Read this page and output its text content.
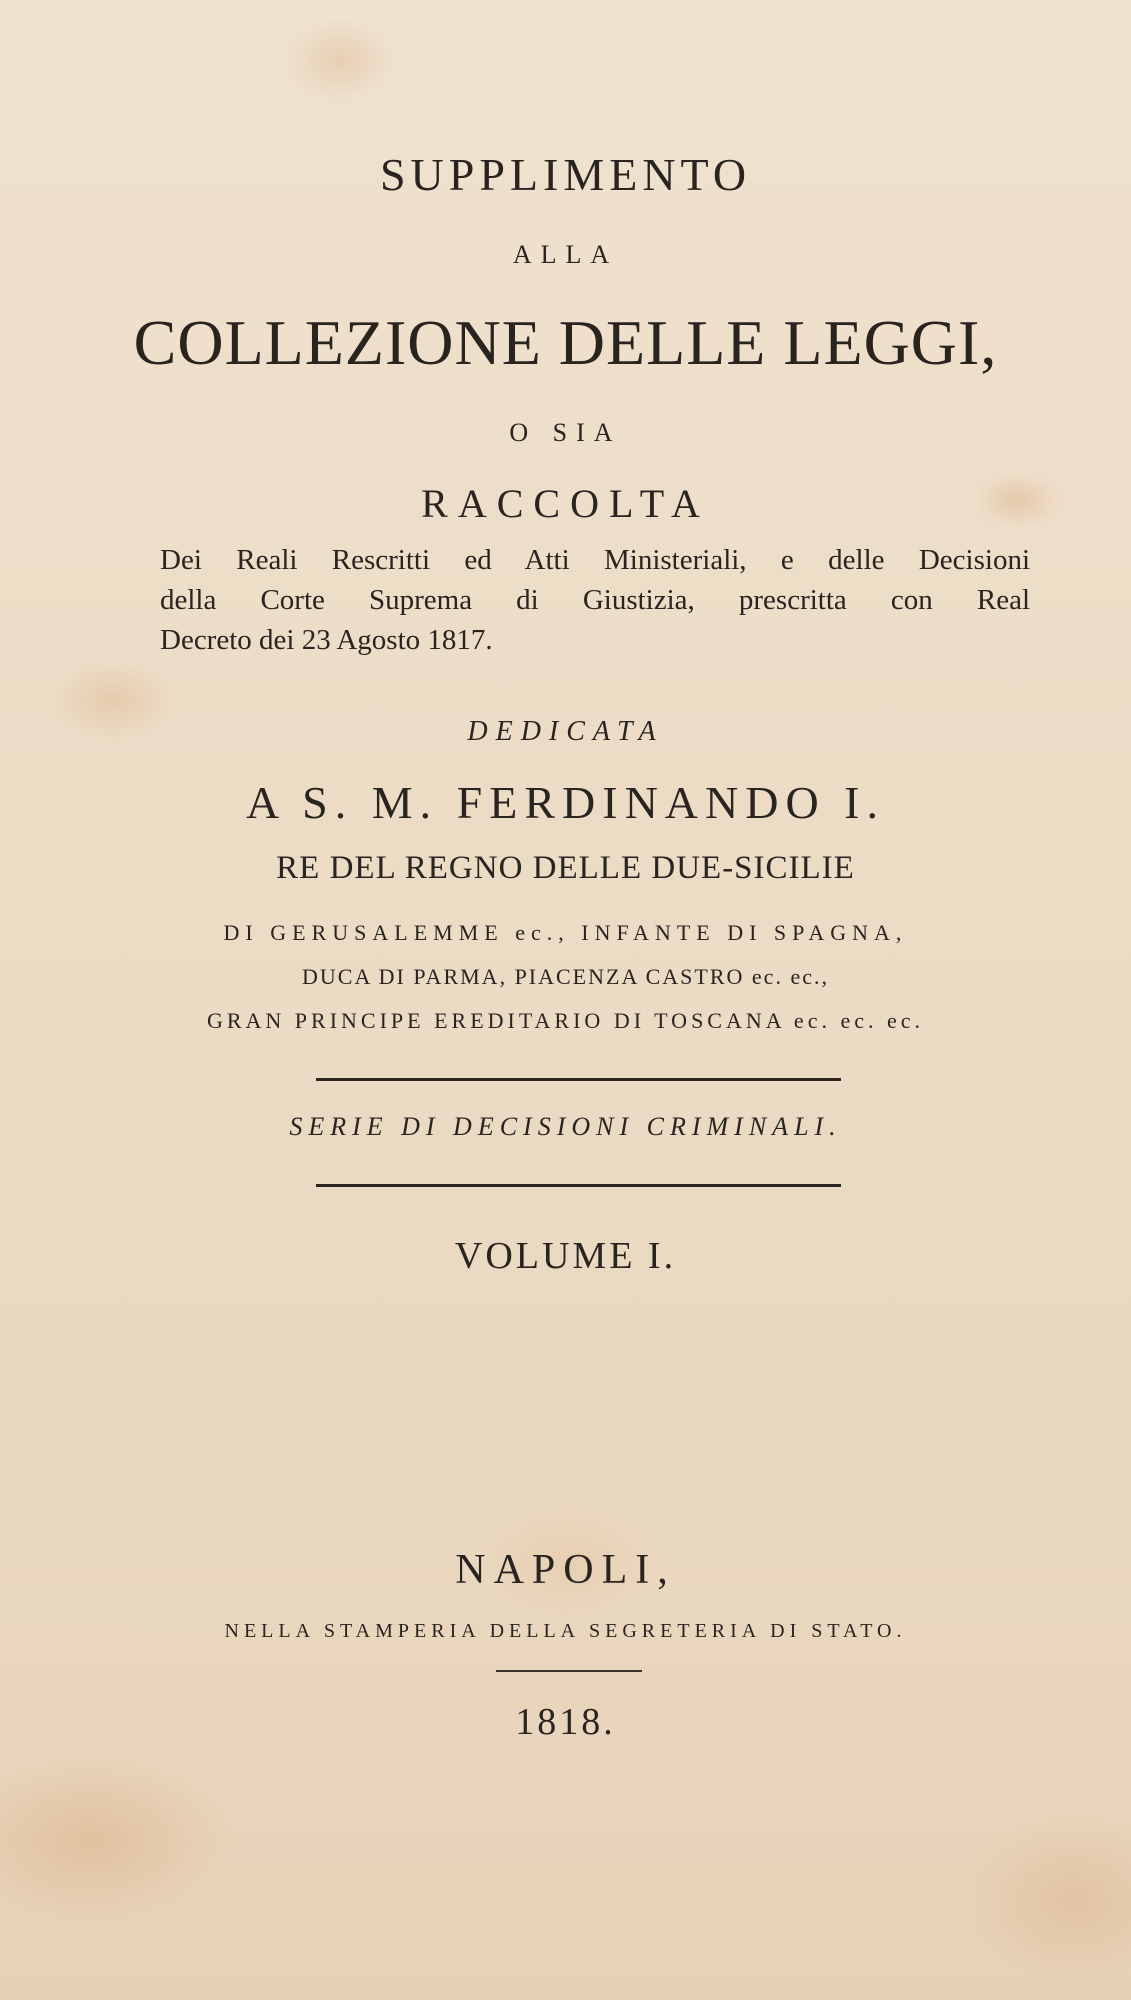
SUPPLIMENTO
ALLA
COLLEZIONE DELLE LEGGI,
O SIA
RACCOLTA
Dei Reali Rescritti ed Atti Ministeriali, e delle Decisioni
della Corte Suprema di Giustizia, prescritta con Real
Decreto dei 23 Agosto 1817.
DEDICATA
A S. M. FERDINANDO I.
RE DEL REGNO DELLE DUE-SICILIE
DI GERUSALEMME ec., INFANTE DI SPAGNA,
DUCA DI PARMA, PIACENZA CASTRO ec. ec.,
GRAN PRINCIPE EREDITARIO DI TOSCANA ec. ec. ec.
SERIE DI DECISIONI CRIMINALI.
VOLUME I.
NAPOLI,
NELLA STAMPERIA DELLA SEGRETERIA DI STATO.
1818.
